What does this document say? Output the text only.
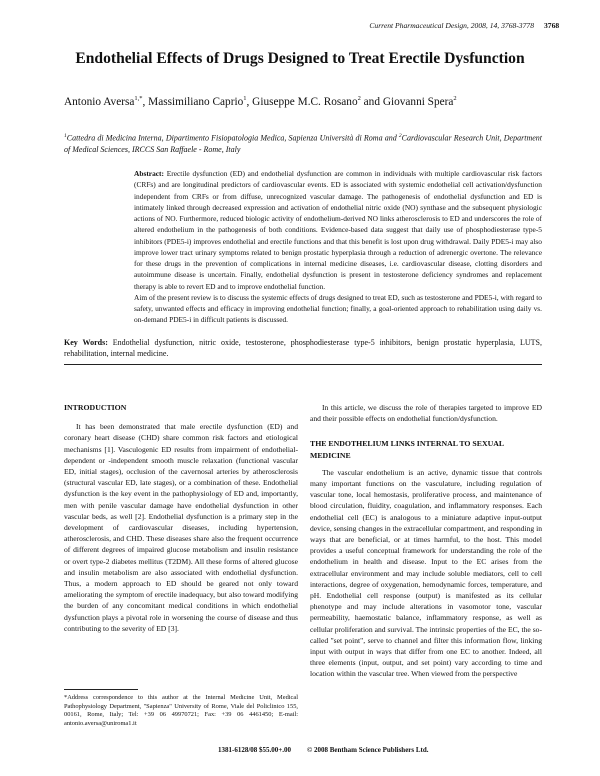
Current Pharmaceutical Design, 2008, 14, 3768-3778 3768
Endothelial Effects of Drugs Designed to Treat Erectile Dysfunction
Antonio Aversa$^{1,*}$, Massimiliano Caprio$^1$, Giuseppe M.C. Rosano$^2$ and Giovanni Spera$^2$
$^1$Cattedra di Medicina Interna, Dipartimento Fisiopatologia Medica, Sapienza Università di Roma and $^2$Cardiovascular Research Unit, Department of Medical Sciences, IRCCS San Raffaele - Rome, Italy

Abstract: Erectile dysfunction (ED) and endothelial dysfunction are common in individuals with multiple cardiovascular risk factors (CRFs) and are longitudinal predictors of cardiovascular events. ED is associated with systemic endothelial cell activation/dysfunction independent from CRFs or from diffuse, unrecognized vascular damage. The pathogenesis of endothelial dysfunction and ED is intimately linked through decreased expression and activation of endothelial nitric oxide (NO) synthase and the subsequent physiologic actions of NO. Furthermore, reduced biologic activity of endothelium-derived NO links atherosclerosis to ED and underscores the role of altered endothelium in the pathogenesis of both conditions. Evidence-based data suggest that daily use of phosphodiesterase type-5 inhibitors (PDE5-i) improves endothelial and erectile functions and that this benefit is lost upon drug withdrawal. Daily PDE5-i may also improve lower tract urinary symptoms related to benign prostatic hyperplasia through a reduction of adrenergic overtone. The relevance for these drugs in the prevention of complications in internal medicine diseases, i.e. cardiovascular disease, clotting disorders and autoimmune disease is uncertain. Finally, endothelial dysfunction is present in testosterone deficiency syndromes and replacement therapy is able to revert ED and to improve endothelial function.

Aim of the present review is to discuss the systemic effects of drugs designed to treat ED, such as testosterone and PDE5-i, with regard to safety, unwanted effects and efficacy in improving endothelial function; finally, a goal-oriented approach to rehabilitation using daily vs. on-demand PDE5-i in difficult patients is discussed.

Key Words: Endothelial dysfunction, nitric oxide, testosterone, phosphodiesterase type-5 inhibitors, benign prostatic hyperplasia, LUTS, rehabilitation, internal medicine.

INTRODUCTION

It has been demonstrated that male erectile dysfunction (ED) and coronary heart disease (CHD) share common risk factors and etiological mechanisms [1]. Vasculogenic ED results from impairment of endothelial-dependent or -independent smooth muscle relaxation (functional vascular ED, initial stages), occlusion of the cavernosal arteries by atherosclerosis (structural vascular ED, late stages), or a combination of these. Endothelial dysfunction is the key event in the pathophysiology of ED and, importantly, men with penile vascular damage have endothelial dysfunction in other vascular beds, as well [2]. Endothelial dysfunction is a primary step in the development of cardiovascular diseases, including hypertension, atherosclerosis, and CHD. These diseases share also the frequent occurrence of different degrees of impaired glucose metabolism and insulin resistance or overt type-2 diabetes mellitus (T2DM). All these forms of altered glucose and insulin metabolism are also associated with endothelial dysfunction. Thus, a modern approach to ED should be geared not only toward ameliorating the symptom of erectile inadequacy, but also toward modifying the burden of any concomitant medical conditions in which endothelial dysfunction plays a pivotal role in worsening the course of disease and thus contributing to the severity of ED [3].

In this article, we discuss the role of therapies targeted to improve ED and their possible effects on endothelial function/dysfunction.

THE ENDOTHELIUM LINKS INTERNAL TO SEXUAL MEDICINE

The vascular endothelium is an active, dynamic tissue that controls many important functions on the vasculature, including regulation of vascular tone, local hemostasis, proliferative process, and maintenance of blood circulation, fluidity, coagulation, and inflammatory responses. Each endothelial cell (EC) is analogous to a miniature adaptive input-output device, sensing changes in the extracellular compartment, and responding in ways that are beneficial, or at times harmful, to the host. This model provides a useful conceptual framework for understanding the role of the endothelium in health and disease. Input to the EC arises from the extracellular environment and may include soluble mediators, cell to cell interactions, degree of oxygenation, hemodynamic forces, temperature, and pH. Endothelial cell response (output) is manifested as its cellular phenotype and may include alterations in vasomotor tone, vascular permeability, haemostatic balance, inflammatory response, as well as cellular proliferation and survival. The intrinsic properties of the EC, the so-called "set point", serve to channel and filter this information flow, linking input with output in ways that differ from one EC to another. Indeed, all three elements (input, output, and set point) vary according to time and location within the vascular tree. When viewed from the perspective

*Address correspondence to this author at the Internal Medicine Unit, Medical Pathophysiology Department, "Sapienza" University of Rome, Viale del Policlinico 155, 00161, Rome, Italy; Tel: +39 06 49970721; Fax: +39 06 4461450; E-mail: antonio.aversa@uniroma1.it
1381-6128/08 $55.00+.00 © 2008 Bentham Science Publishers Ltd.
